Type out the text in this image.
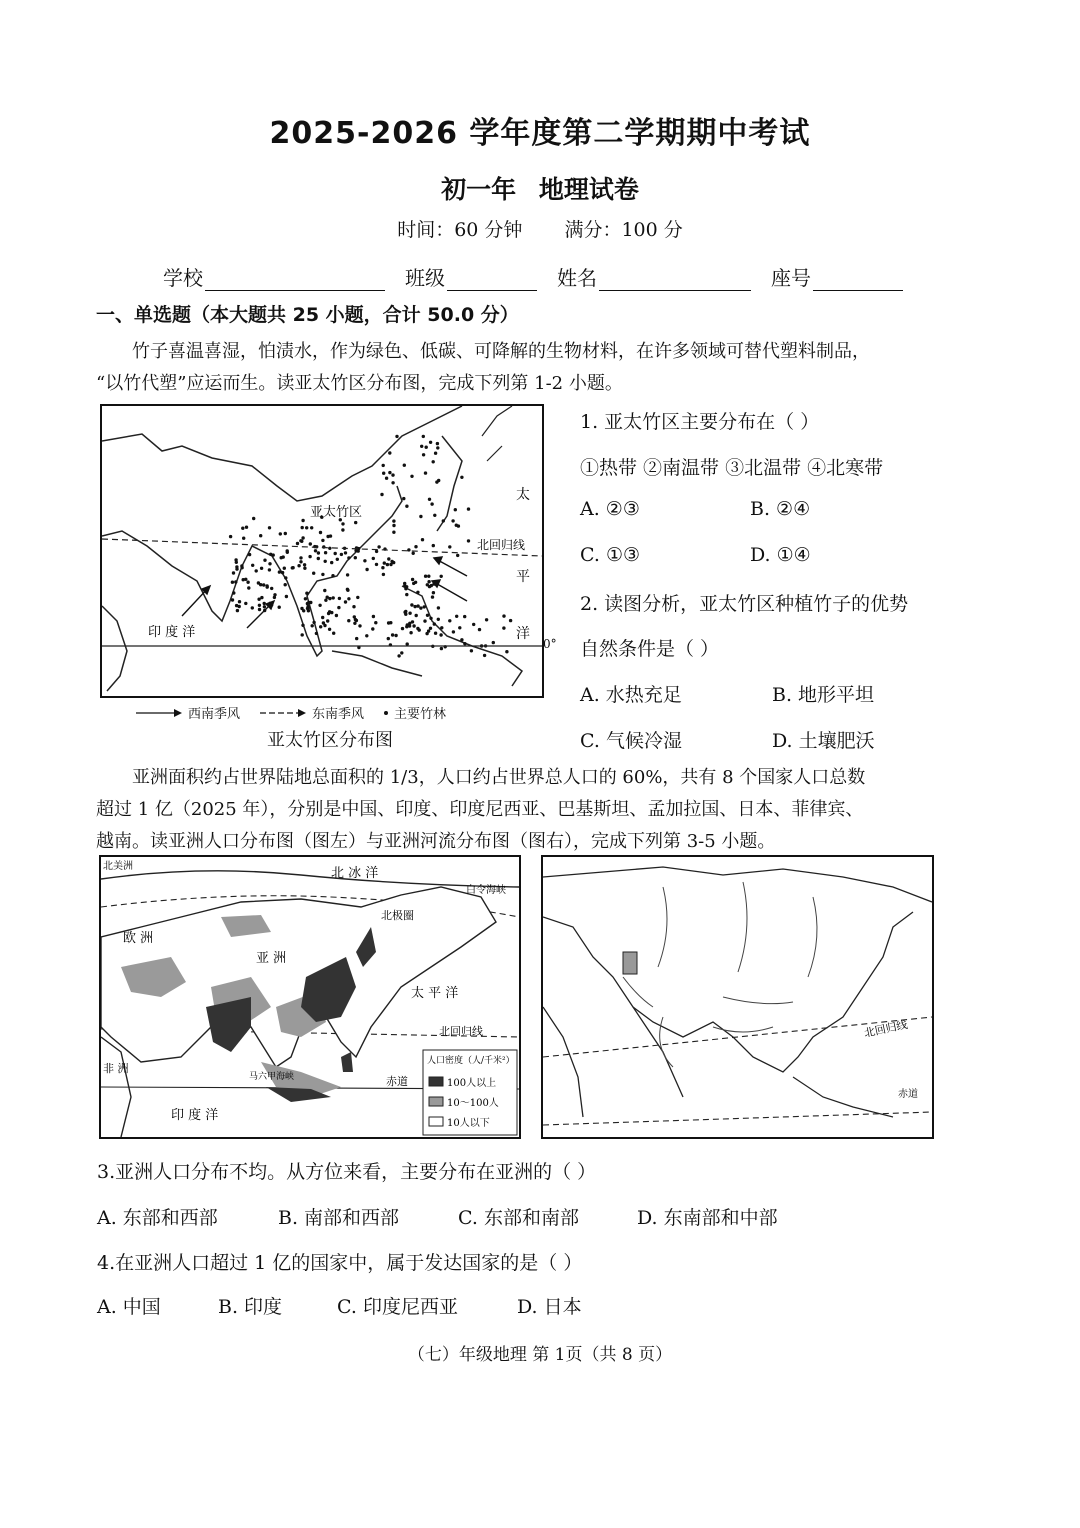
2025-2026 学年度第二学期期中考试
初一年 地理试卷
时间：60 分钟 满分：100 分
学校	班级	姓名	座号
一、单选题（本大题共 25 小题，合计 50.0 分）

竹子喜温喜湿，怕渍水，作为绿色、低碳、可降解的生物材料，在许多领域可替代塑料制品，

“以竹代塑”应运而生。读亚太竹区分布图，完成下列第 1-2 小题。

亚太竹区
北回归线
印 度 洋
太
平
洋
0°
西南季风	东南季风 主要竹林
亚太竹区分布图
1. 亚太竹区主要分布在（ ）
①热带 ②南温带 ③北温带 ④北寒带
A. ②③	B. ②④
C. ①③	D. ①④
2. 读图分析，亚太竹区种植竹子的优势
自然条件是（ ）
A. 水热充足	B. 地形平坦
C. 气候冷湿	D. 土壤肥沃

亚洲面积约占世界陆地总面积的 1/3，人口约占世界总人口的 60%，共有 8 个国家人口总数

超过 1 亿（2025 年），分别是中国、印度、印度尼西亚、巴基斯坦、孟加拉国、日本、菲律宾、

越南。读亚洲人口分布图（图左）与亚洲河流分布图（图右），完成下列第 3-5 小题。

北 冰 洋
北极圈
白令海峡
欧 洲
亚 洲
太 平 洋
北回归线
赤道
印 度 洋
非 洲
马六甲海峡
北美洲
人口密度（人/千米²）
100人以上
10～100人
10人以下
北回归线
赤道
3.亚洲人口分布不均。从方位来看，主要分布在亚洲的（ ）
A. 东部和西部	B. 南部和西部	C. 东部和南部	D. 东南部和中部
4.在亚洲人口超过 1 亿的国家中，属于发达国家的是（ ）
A. 中国	B. 印度	C. 印度尼西亚	D. 日本
（七）年级地理 第 1页（共 8 页）
